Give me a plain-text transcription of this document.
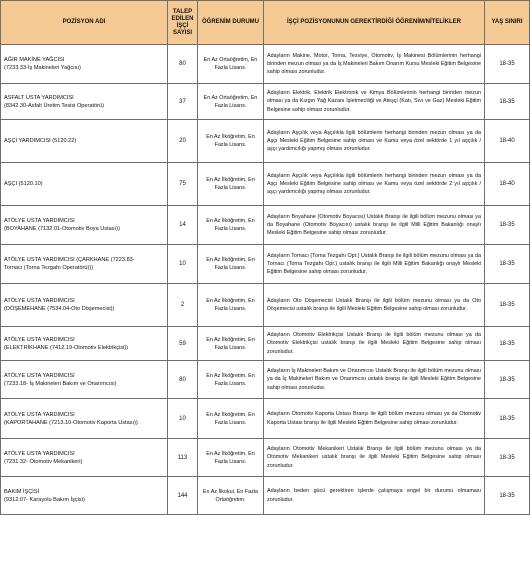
POZİSYON ADI	TALEP EDİLEN İŞÇİ SAYISI	ÖĞRENİM DURUMU	İŞÇİ POZİSYONUNUN GEREKTİRDİĞİ ÖĞRENİM/NİTELİKLER	YAŞ SINIRI

AĞIR MAKİNE YAĞCISI
(7233.33-İş Makineleri Yağcısı)	80	En Az Ortaöğretim, En Fazla Lisans.	Adayların Makine, Motor, Torna, Tesviye, Otomotiv, İş Makinesi Bölümlerinin herhangi birinden mezun olması ya da İş Makineleri Bakım Onarım Kursu Mesleki Eğitim Belgesine sahip olması zorunludur.	18-35

ASFALT USTA YARDIMCISI
(8342.30-Asfalt Üretim Tesisi Operatörü)	37	En Az Ortaöğretim, En Fazla Lisans.	Adayların Elektrik, Elektrik Elektronik ve Kimya Bölümlerinin herhangi birinden mezun olması ya da Kızgın Yağ Kazanı İşletmeciliği ve Ateşçi (Katı, Sıvı ve Gaz) Mesleki Eğitim Belgesine sahip olması zorunludur.	18-35

AŞÇI YARDIMCISI (5120.22)	20	En Az İlköğretim, En Fazla Lisans.	Adayların Aşçılık veya Aşçılıkla ilgili bölümlerin herhangi birinden mezun olması ya da Aşçı Mesleki Eğitim Belgesine sahip olması ve Kamu veya özel sektörde 1 yıl aşçılık / aşçı yardımcılığı yapmış olması zorunludur.	18-40

AŞÇI (5120.10)	75	En Az İlköğretim, En Fazla Lisans.	Adayların Aşçılık veya Aşçılıkla ilgili bölümlerin herhangi birinden mezun olması ya da Aşçı Mesleki Eğitim Belgesine sahip olması ve Kamu veya özel sektörde 2 yıl aşçılık / aşçı yardımcılığı yapmış olması zorunludur.	18-40

ATÖLYE USTA YARDIMCISI
(BOYAHANE (7132.01-Otomotiv Boya Ustası))	14	En Az İlköğretim, En Fazla Lisans.	Adayların Boyahane (Otomotiv Boyacısı) Ustalık Branşı ile ilgili bölüm mezunu olması ya da Boyahane (Otomotiv Boyacısı) ustalık branşı ile ilgili Milli Eğitim Bakanlığı onaylı Mesleki Eğitim Belgesine sahip olması zorunludur.	18-35

ATÖLYE USTA YARDIMCISI (ÇARKHANE (7223.83-
Tornacı (Torna Tezgahı Operatörü)))	10	En Az İlköğretim, En Fazla Lisans.	Adayların Tornacı (Torna Tezgahı Opr.) Ustalık Branşı ile ilgili bölüm mezunu olması ya da Tornacı (Torna Tezgahı Opr.) ustalık branşı ile ilgili Milli Eğitim Bakanlığı onaylı Mesleki Eğitim Belgesine sahip olması zorunludur.	18-35

ATÖLYE USTA YARDIMCISI
(DÖŞEMEHANE (7534.04-Oto Döşemecisi))	2	En Az İlköğretim, En Fazla Lisans.	Adayların Oto Döşemecisi Ustalık Branşı ile ilgili bölüm mezunu olması ya da Oto Döşemecisi ustalık branşı ile ilgili Mesleki Eğitim Belgesine sahip olması zorunludur.	18-35

ATÖLYE USTA YARDIMCISI
(ELEKTRİKHANE (7412.19-Otomotiv Elektrikçisi))	59	En Az İlköğretim, En Fazla Lisans.	Adayların Otomotiv Elektrikçisi Ustalık Branşı ile ilgili bölüm mezunu olması ya da Otomotiv Elektrikçisi ustalık branşı ile ilgili Mesleki Eğitim Belgesine sahip olması zorunludur.	18-35

ATÖLYE USTA YARDIMCISI
(7233.18- İş Makineleri Bakım ve Onarımcısı)	80	En Az İlköğretim, En Fazla Lisans.	Adayların İş Makineleri Bakım ve Onarımcısı Ustalık Branşı ile ilgili bölüm mezunu olması ya da İş Makineleri Bakım ve Onarımcısı ustalık branşı ile ilgili Mesleki Eğitim Belgesine sahip olması zorunludur.	18-35

ATÖLYE USTA YARDIMCISI
(KAPORTAHANE (7213.10-Otomotiv Kaporta Ustası))	10	En Az İlköğretim, En Fazla Lisans.	Adayların Otomotiv Kaporta Ustası Branşı ile ilgili bölüm mezunu olması ya da Otomotiv Kaporta Ustası branşı ile ilgili Mesleki Eğitim Belgesine sahip olması zorunludur.	18-35

ATÖLYE USTA YARDIMCISI
(7231.32- Otomotiv Mekanikeri)	113	En Az İlköğretim, En Fazla Lisans.	Adayların Otomotiv Mekanikeri Ustalık Branşı ile ilgili bölüm mezunu olması ya da Otomotiv Mekanikeri ustalık branşı ile ilgili Mesleki Eğitim Belgesine sahip olması zorunludur.	18-35

BAKIM İŞÇİSİ
(9312.07- Karayolu Bakım İşçisi)	144	En Az İlkokul, En Fazla Ortaöğretim.	Adayların beden gücü gerektiren işlerde çalışmaya engel bir durumu olmaması zorunludur.	18-35
